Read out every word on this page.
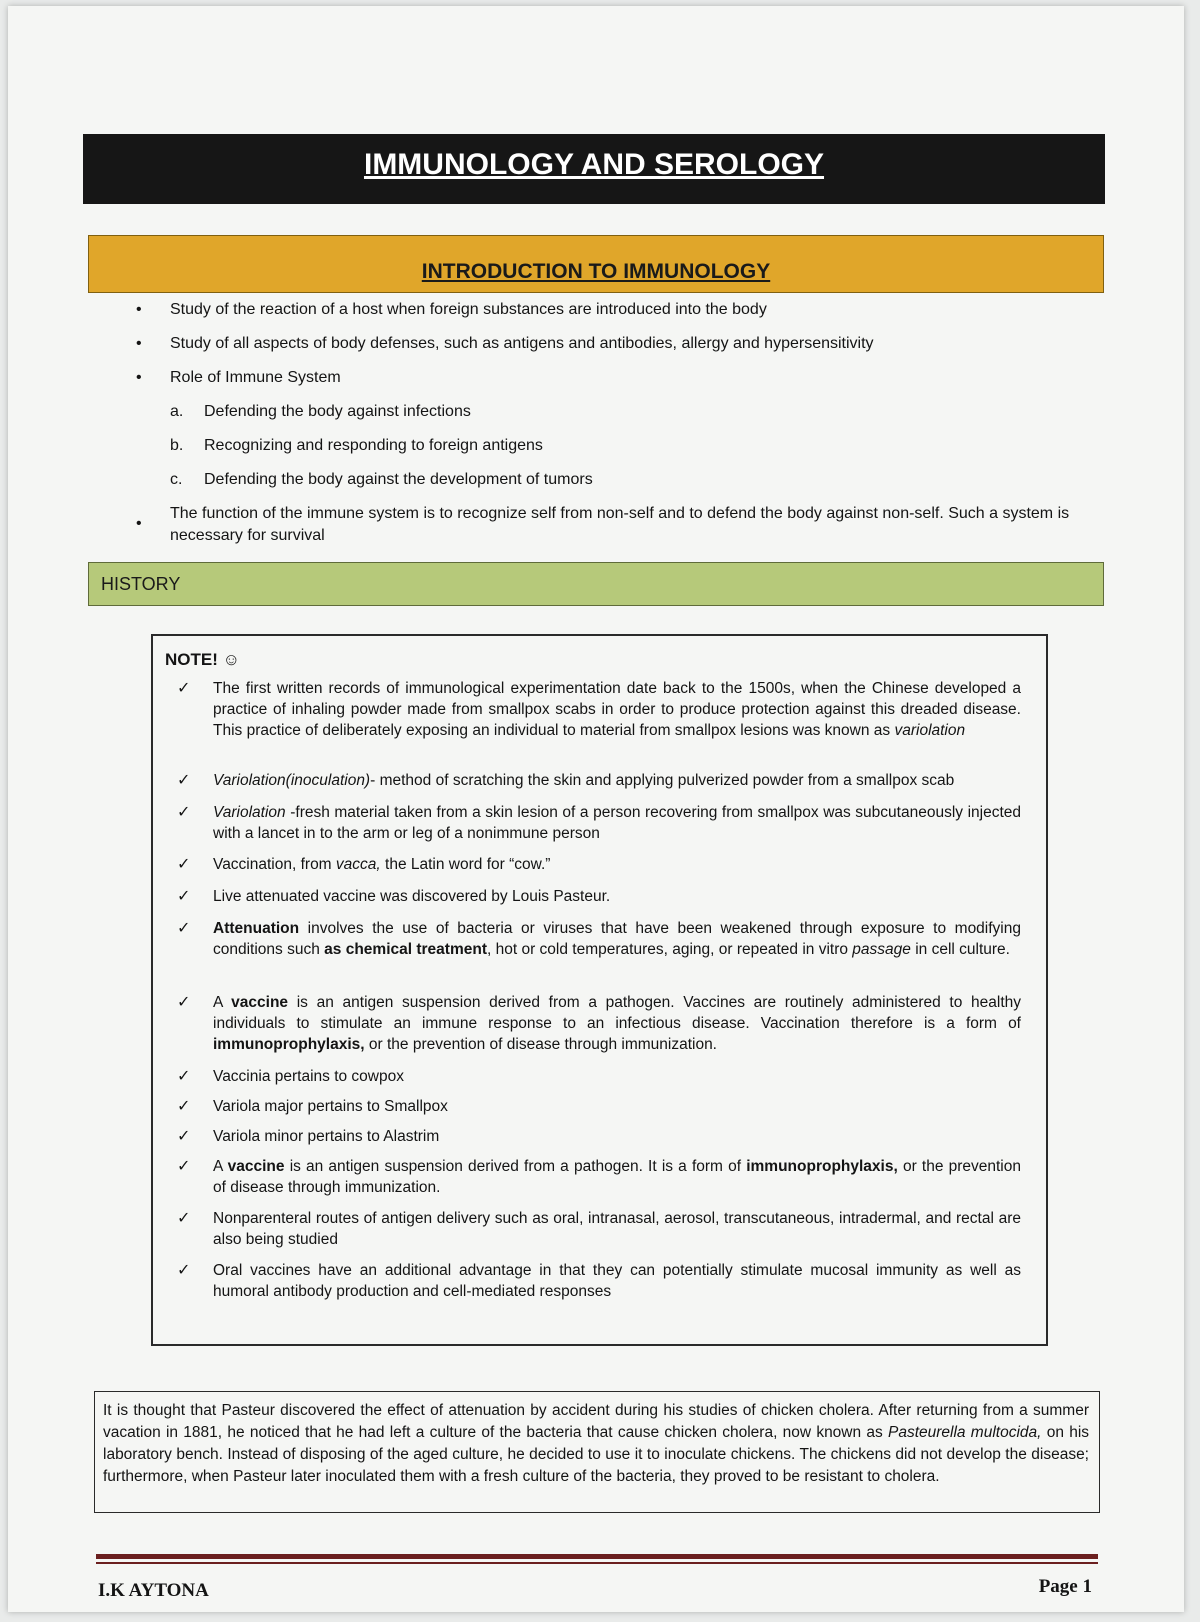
IMMUNOLOGY AND SEROLOGY
INTRODUCTION TO IMMUNOLOGY
• Study of the reaction of a host when foreign substances are introduced into the body
• Study of all aspects of body defenses, such as antigens and antibodies, allergy and hypersensitivity
• Role of Immune System
a. Defending the body against infections
b. Recognizing and responding to foreign antigens
c. Defending the body against the development of tumors
•
The function of the immune system is to recognize self from non-self and to defend the body against non-self. Such a system is necessary for survival
HISTORY
NOTE! ☺
✓ The first written records of immunological experimentation date back to the 1500s, when the Chinese developed a practice of inhaling powder made from smallpox scabs in order to produce protection against this dreaded disease. This practice of deliberately exposing an individual to material from smallpox lesions was known as variolation
✓ Variolation(inoculation)- method of scratching the skin and applying pulverized powder from a smallpox scab
✓ Variolation -fresh material taken from a skin lesion of a person recovering from smallpox was subcutaneously injected with a lancet in to the arm or leg of a nonimmune person
✓ Vaccination, from vacca, the Latin word for “cow.”
✓ Live attenuated vaccine was discovered by Louis Pasteur.
✓ Attenuation involves the use of bacteria or viruses that have been weakened through exposure to modifying conditions such as chemical treatment, hot or cold temperatures, aging, or repeated in vitro passage in cell culture.
✓ A vaccine is an antigen suspension derived from a pathogen. Vaccines are routinely administered to healthy individuals to stimulate an immune response to an infectious disease. Vaccination therefore is a form of immunoprophylaxis, or the prevention of disease through immunization.
✓ Vaccinia pertains to cowpox
✓ Variola major pertains to Smallpox
✓ Variola minor pertains to Alastrim
✓ A vaccine is an antigen suspension derived from a pathogen. It is a form of immunoprophylaxis, or the prevention of disease through immunization.
✓ Nonparenteral routes of antigen delivery such as oral, intranasal, aerosol, transcutaneous, intradermal, and rectal are also being studied
✓ Oral vaccines have an additional advantage in that they can potentially stimulate mucosal immunity as well as humoral antibody production and cell-mediated responses

It is thought that Pasteur discovered the effect of attenuation by accident during his studies of chicken cholera. After returning from a summer vacation in 1881, he noticed that he had left a culture of the bacteria that cause chicken cholera, now known as Pasteurella multocida, on his laboratory bench. Instead of disposing of the aged culture, he decided to use it to inoculate chickens. The chickens did not develop the disease; furthermore, when Pasteur later inoculated them with a fresh culture of the bacteria, they proved to be resistant to cholera.

I.K AYTONA	Page 1
